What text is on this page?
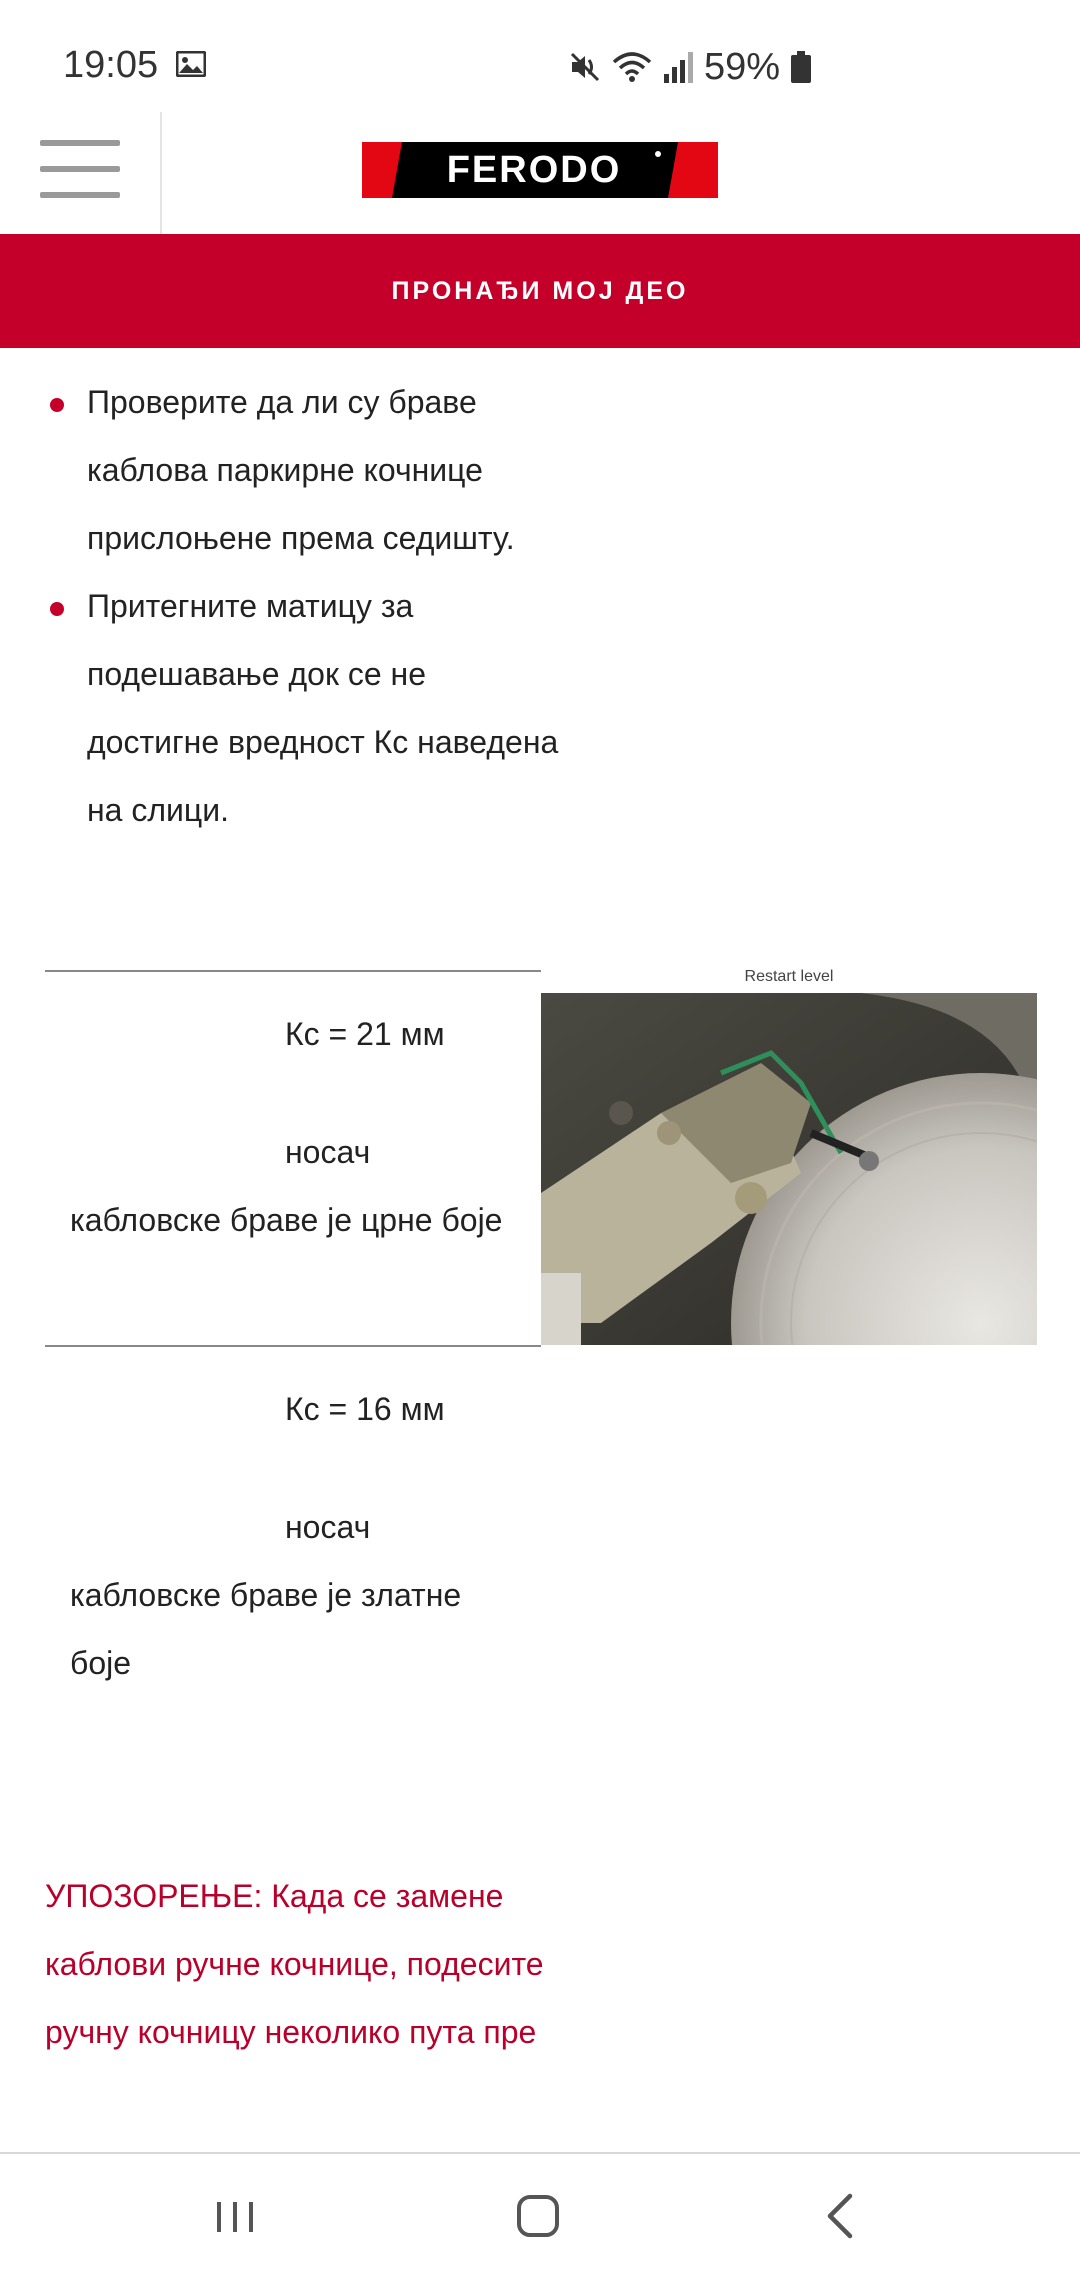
19:05	59%
FERODO
ПРОНАЂИ МОЈ ДЕО
Проверите да ли су браве каблова паркирне кочнице прислоњене према седишту.
Притегните матицу за подешавање док се не достигне вредност Кс наведена на слици.
Кс = 21 мм
носач
кабловске браве је црне боје
Restart level
Кс = 16 мм
носач
кабловске браве је златне боје
УПОЗОРЕЊЕ: Када се замене каблови ручне кочнице, подесите ручну кочницу неколико пута пре
